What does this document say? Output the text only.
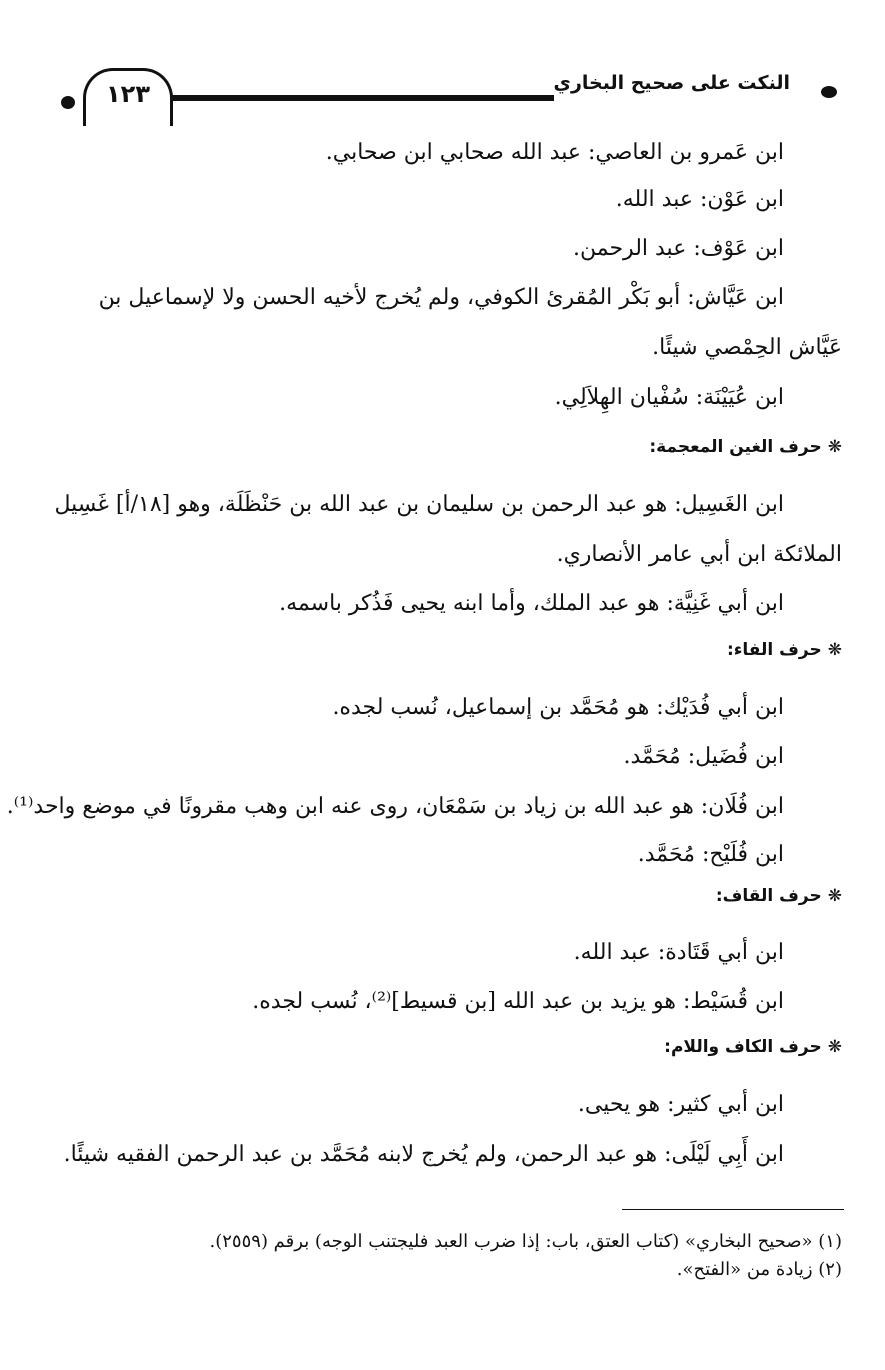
النكت على صحيح البخاري
١٢٣
ابن عَمرو بن العاصي: عبد الله صحابي ابن صحابي.
ابن عَوْن: عبد الله.
ابن عَوْف: عبد الرحمن.
ابن عَيَّاش: أبو بَكْر المُقرئ الكوفي، ولم يُخرج لأخيه الحسن ولا لإسماعيل بن
عَيَّاش الحِمْصي شيئًا.
ابن عُيَيْنَة: سُفْيان الهِلاَلِي.
❋حرف الغين المعجمة:
ابن الغَسِيل: هو عبد الرحمن بن سليمان بن عبد الله بن حَنْظَلَة، وهو [١٨/أ] غَسِيل
الملائكة ابن أبي عامر الأنصاري.
ابن أبي غَنِيَّة: هو عبد الملك، وأما ابنه يحيى فَذُكر باسمه.
❋حرف الفاء:
ابن أبي فُدَيْك: هو مُحَمَّد بن إسماعيل، نُسب لجده.
ابن فُضَيل: مُحَمَّد.
ابن فُلَان: هو عبد الله بن زياد بن سَمْعَان، روى عنه ابن وهب مقرونًا في موضع واحد⁽¹⁾.
ابن فُلَيْح: مُحَمَّد.
❋حرف القاف:
ابن أبي قَتَادة: عبد الله.
ابن قُسَيْط: هو يزيد بن عبد الله [بن قسيط]⁽²⁾، نُسب لجده.
❋حرف الكاف واللام:
ابن أبي كثير: هو يحيى.
ابن أَبِي لَيْلَى: هو عبد الرحمن، ولم يُخرج لابنه مُحَمَّد بن عبد الرحمن الفقيه شيئًا.
(١) «صحيح البخاري» (كتاب العتق، باب: إذا ضرب العبد فليجتنب الوجه) برقم (٢٥٥٩).
(٢) زيادة من «الفتح».
